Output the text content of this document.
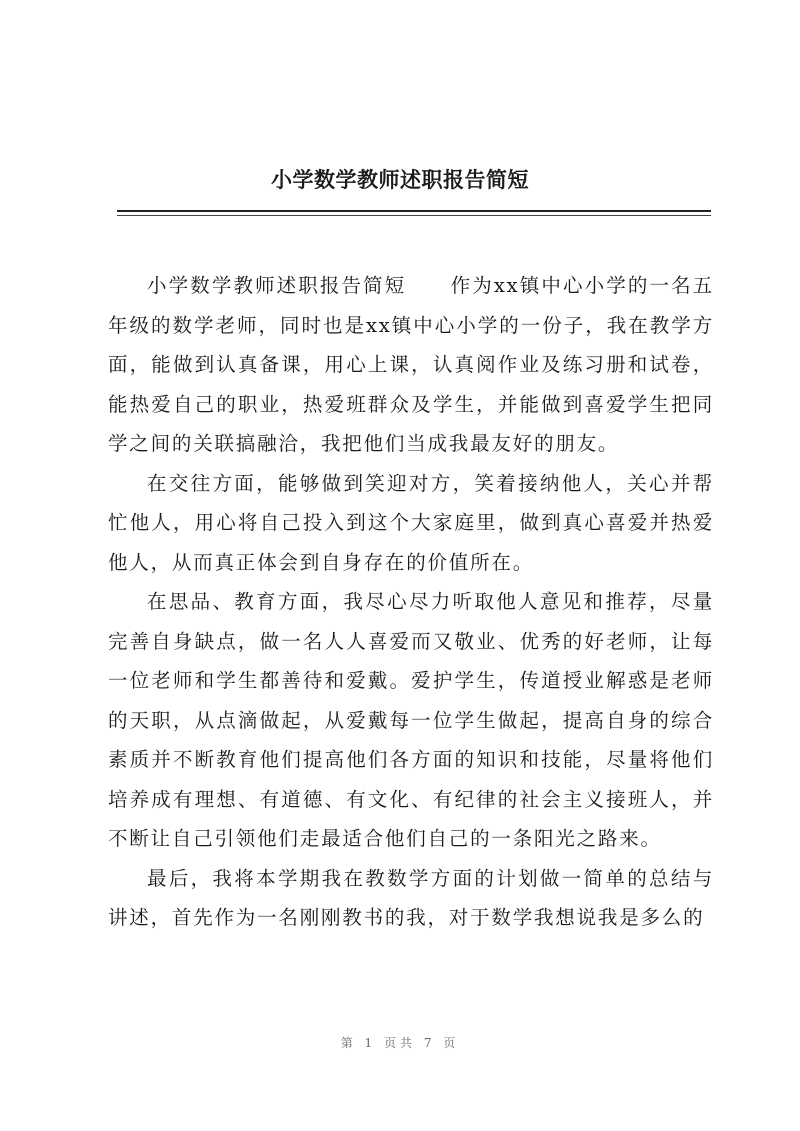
小学数学教师述职报告简短

小学数学教师述职报告简短 作为xx镇中心小学的一名五年级的数学老师，同时也是xx镇中心小学的一份子，我在教学方面，能做到认真备课，用心上课，认真阅作业及练习册和试卷，能热爱自己的职业，热爱班群众及学生，并能做到喜爱学生把同学之间的关联搞融洽，我把他们当成我最友好的朋友。

在交往方面，能够做到笑迎对方，笑着接纳他人，关心并帮忙他人，用心将自己投入到这个大家庭里，做到真心喜爱并热爱他人，从而真正体会到自身存在的价值所在。

在思品、教育方面，我尽心尽力听取他人意见和推荐，尽量完善自身缺点，做一名人人喜爱而又敬业、优秀的好老师，让每一位老师和学生都善待和爱戴。爱护学生，传道授业解惑是老师的天职，从点滴做起，从爱戴每一位学生做起，提高自身的综合素质并不断教育他们提高他们各方面的知识和技能，尽量将他们培养成有理想、有道德、有文化、有纪律的社会主义接班人，并不断让自己引领他们走最适合他们自己的一条阳光之路来。

最后，我将本学期我在教数学方面的计划做一简单的总结与讲述，首先作为一名刚刚教书的我，对于数学我想说我是多么的

第 1 页共 7 页
